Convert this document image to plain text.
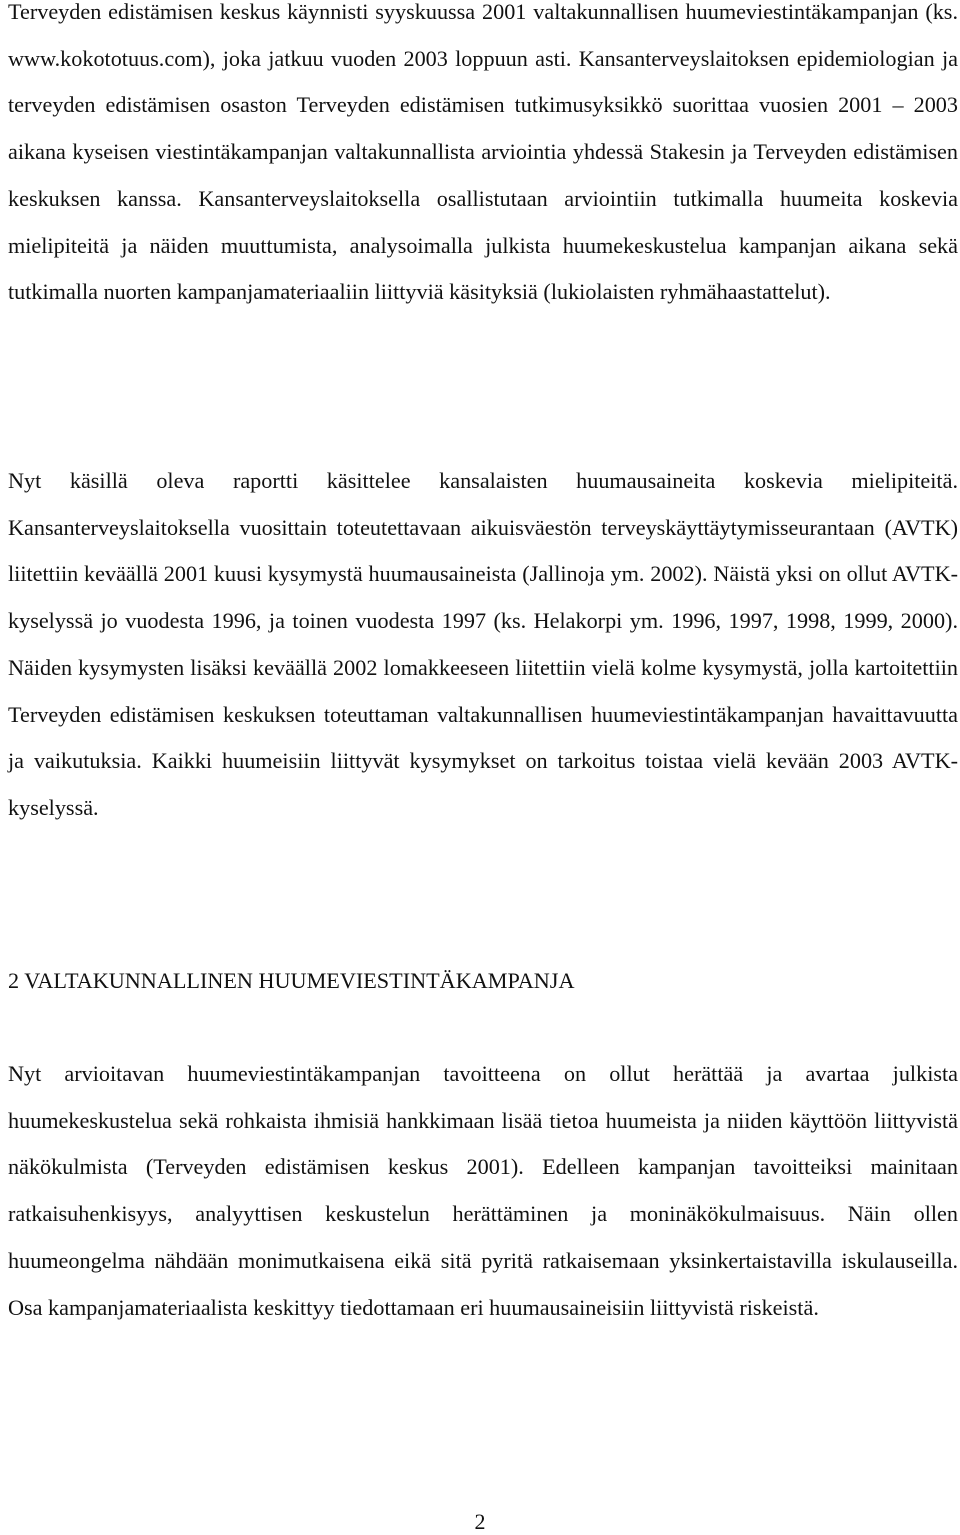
Terveyden edistämisen keskus käynnisti syyskuussa 2001 valtakunnallisen huumeviestintäkampanjan (ks. www.kokototuus.com), joka jatkuu vuoden 2003 loppuun asti. Kansanterveyslaitoksen epidemiologian ja terveyden edistämisen osaston Terveyden edistämisen tutkimusyksikkö suorittaa vuosien 2001 – 2003 aikana kyseisen viestintäkampanjan valtakunnallista arviointia yhdessä Stakesin ja Terveyden edistämisen keskuksen kanssa. Kansanterveyslaitoksella osallistutaan arviointiin tutkimalla huumeita koskevia mielipiteitä ja näiden muuttumista, analysoimalla julkista huumekeskustelua kampanjan aikana sekä tutkimalla nuorten kampanjamateriaaliin liittyviä käsityksiä (lukiolaisten ryhmähaastattelut).

Nyt käsillä oleva raportti käsittelee kansalaisten huumausaineita koskevia mielipiteitä. Kansanterveyslaitoksella vuosittain toteutettavaan aikuisväestön terveyskäyttäytymisseurantaan (AVTK) liitettiin keväällä 2001 kuusi kysymystä huumausaineista (Jallinoja ym. 2002). Näistä yksi on ollut AVTK-kyselyssä jo vuodesta 1996, ja toinen vuodesta 1997 (ks. Helakorpi ym. 1996, 1997, 1998, 1999, 2000). Näiden kysymysten lisäksi keväällä 2002 lomakkeeseen liitettiin vielä kolme kysymystä, jolla kartoitettiin Terveyden edistämisen keskuksen toteuttaman valtakunnallisen huumeviestintäkampanjan havaittavuutta ja vaikutuksia. Kaikki huumeisiin liittyvät kysymykset on tarkoitus toistaa vielä kevään 2003 AVTK-kyselyssä.

2 VALTAKUNNALLINEN HUUMEVIESTINTÄKAMPANJA

Nyt arvioitavan huumeviestintäkampanjan tavoitteena on ollut herättää ja avartaa julkista huumekeskustelua sekä rohkaista ihmisiä hankkimaan lisää tietoa huumeista ja niiden käyttöön liittyvistä näkökulmista (Terveyden edistämisen keskus 2001). Edelleen kampanjan tavoitteiksi mainitaan ratkaisuhenkisyys, analyyttisen keskustelun herättäminen ja moninäkökulmaisuus. Näin ollen huumeongelma nähdään monimutkaisena eikä sitä pyritä ratkaisemaan yksinkertaistavilla iskulauseilla. Osa kampanjamateriaalista keskittyy tiedottamaan eri huumausaineisiin liittyvistä riskeistä.

2
